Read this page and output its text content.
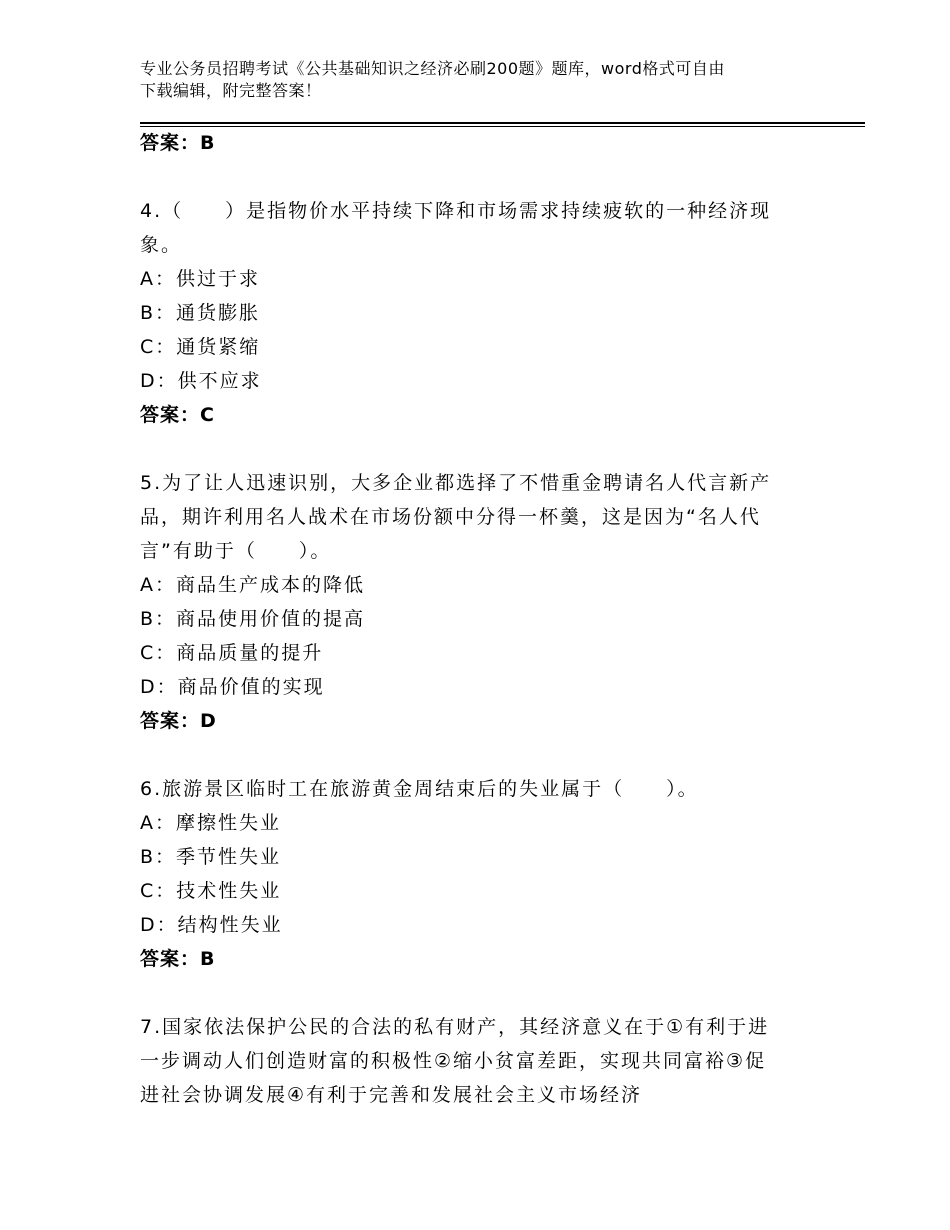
专业公务员招聘考试《公共基础知识之经济必刷200题》题库，word格式可自由
下载编辑，附完整答案！
答案：B
4.（　　）是指物价水平持续下降和市场需求持续疲软的一种经济现
象。
A：供过于求
B：通货膨胀
C：通货紧缩
D：供不应求
答案：C
5.为了让人迅速识别，大多企业都选择了不惜重金聘请名人代言新产
品，期许利用名人战术在市场份额中分得一杯羹，这是因为“名人代
言”有助于（　　）。
A：商品生产成本的降低
B：商品使用价值的提高
C：商品质量的提升
D：商品价值的实现
答案：D
6.旅游景区临时工在旅游黄金周结束后的失业属于（　　）。
A：摩擦性失业
B：季节性失业
C：技术性失业
D：结构性失业
答案：B
7.国家依法保护公民的合法的私有财产，其经济意义在于①有利于进
一步调动人们创造财富的积极性②缩小贫富差距，实现共同富裕③促
进社会协调发展④有利于完善和发展社会主义市场经济
